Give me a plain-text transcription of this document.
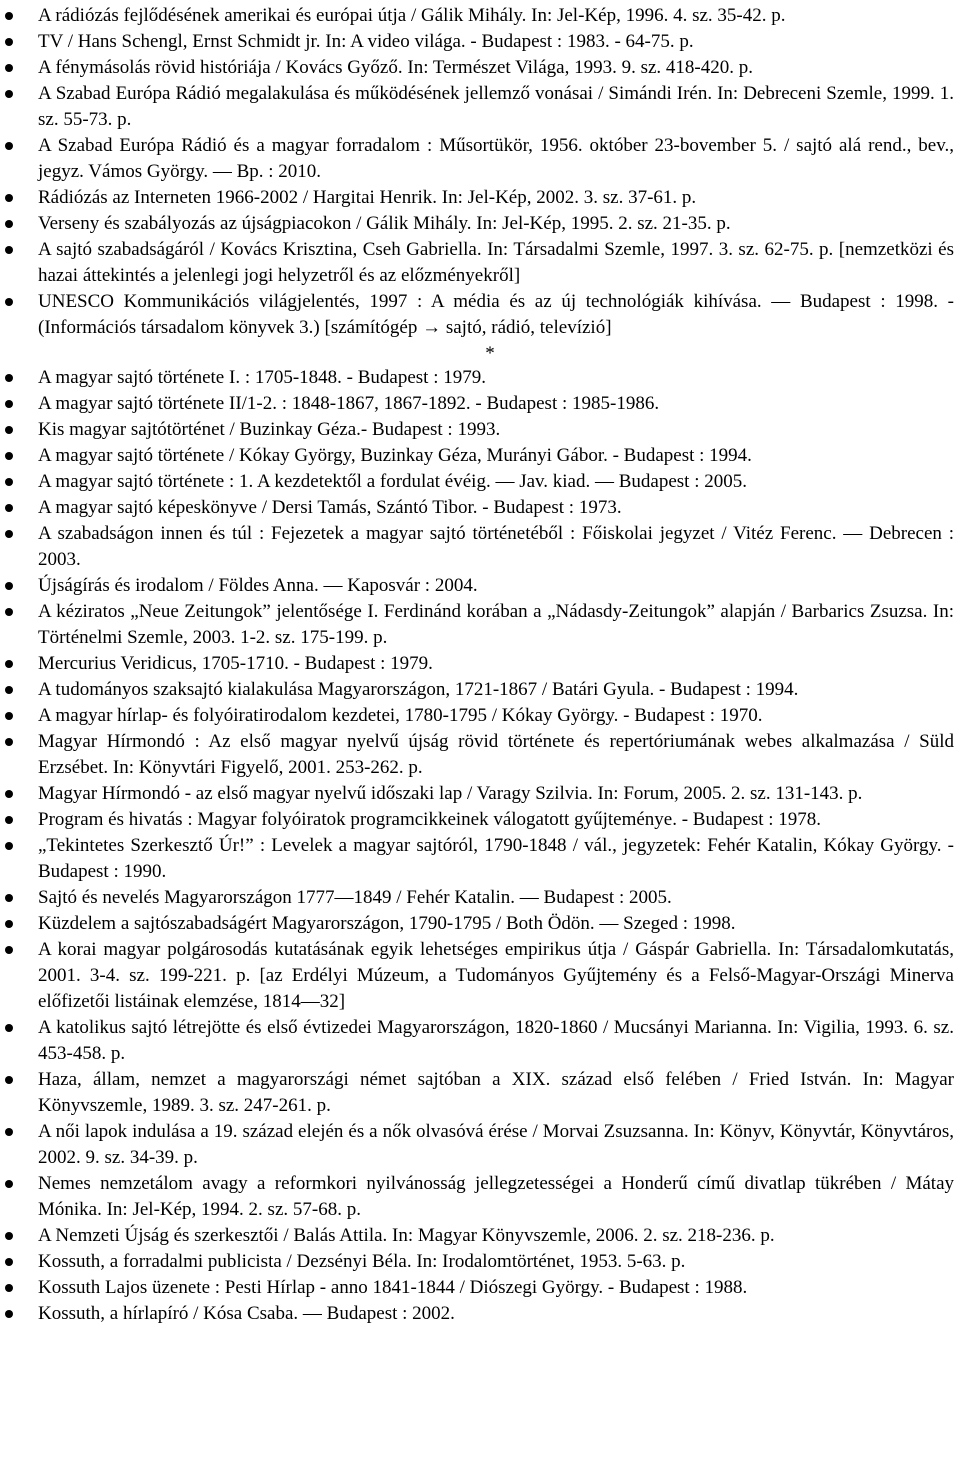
A rádiózás fejlődésének amerikai és európai útja / Gálik Mihály. In: Jel-Kép, 1996. 4. sz. 35-42. p.
TV / Hans Schengl, Ernst Schmidt jr. In: A video világa. - Budapest : 1983. - 64-75. p.
A fénymásolás rövid históriája / Kovács Győző. In: Természet Világa, 1993. 9. sz. 418-420. p.
A Szabad Európa Rádió megalakulása és működésének jellemző vonásai / Simándi Irén. In: Debreceni Szemle, 1999. 1. sz. 55-73. p.
A Szabad Európa Rádió és a magyar forradalom : Műsortükör, 1956. október 23-bovember 5. / sajtó alá rend., bev., jegyz. Vámos György. ― Bp. : 2010.
Rádiózás az Interneten 1966-2002 / Hargitai Henrik. In: Jel-Kép, 2002. 3. sz. 37-61. p.
Verseny és szabályozás az újságpiacokon / Gálik Mihály. In: Jel-Kép, 1995. 2. sz. 21-35. p.
A sajtó szabadságáról / Kovács Krisztina, Cseh Gabriella. In: Társadalmi Szemle, 1997. 3. sz. 62-75. p. [nemzetközi és hazai áttekintés a jelenlegi jogi helyzetről és az előzményekről]
UNESCO Kommunikációs világjelentés, 1997 : A média és az új technológiák kihívása. ― Budapest : 1998. - (Információs társadalom könyvek 3.) [számítógép → sajtó, rádió, televízió]
*
A magyar sajtó története I. : 1705-1848. - Budapest : 1979.
A magyar sajtó története II/1-2. : 1848-1867, 1867-1892. - Budapest : 1985-1986.
Kis magyar sajtótörténet / Buzinkay Géza.- Budapest : 1993.
A magyar sajtó története / Kókay György, Buzinkay Géza, Murányi Gábor. - Budapest : 1994.
A magyar sajtó története : 1. A kezdetektől a fordulat évéig. ― Jav. kiad. ― Budapest : 2005.
A magyar sajtó képeskönyve / Dersi Tamás, Szántó Tibor. - Budapest : 1973.
A szabadságon innen és túl : Fejezetek a magyar sajtó történetéből : Főiskolai jegyzet / Vitéz Ferenc. ― Debrecen : 2003.
Újságírás és irodalom / Földes Anna. ― Kaposvár : 2004.
A kéziratos „Neue Zeitungok” jelentősége I. Ferdinánd korában a „Nádasdy-Zeitungok” alapján / Barbarics Zsuzsa. In: Történelmi Szemle, 2003. 1-2. sz. 175-199. p.
Mercurius Veridicus, 1705-1710. - Budapest : 1979.
A tudományos szaksajtó kialakulása Magyarországon, 1721-1867 / Batári Gyula. - Budapest : 1994.
A magyar hírlap- és folyóiratirodalom kezdetei, 1780-1795 / Kókay György. - Budapest : 1970.
Magyar Hírmondó : Az első magyar nyelvű újság rövid története és repertóriumának webes alkalmazása / Süld Erzsébet. In: Könyvtári Figyelő, 2001. 253-262. p.
Magyar Hírmondó - az első magyar nyelvű időszaki lap / Varagy Szilvia. In: Forum, 2005. 2. sz. 131-143. p.
Program és hivatás : Magyar folyóiratok programcikkeinek válogatott gyűjteménye. - Budapest : 1978.
„Tekintetes Szerkesztő Úr!” : Levelek a magyar sajtóról, 1790-1848 / vál., jegyzetek: Fehér Katalin, Kókay György. - Budapest : 1990.
Sajtó és nevelés Magyarországon 1777―1849 / Fehér Katalin. ― Budapest : 2005.
Küzdelem a sajtószabadságért Magyarországon, 1790-1795 / Both Ödön. ― Szeged : 1998.
A korai magyar polgárosodás kutatásának egyik lehetséges empirikus útja / Gáspár Gabriella. In: Társadalomkutatás, 2001. 3-4. sz. 199-221. p. [az Erdélyi Múzeum, a Tudományos Gyűjtemény és a Felső-Magyar-Országi Minerva előfizetői listáinak elemzése, 1814―32]
A katolikus sajtó létrejötte és első évtizedei Magyarországon, 1820-1860 / Mucsányi Marianna. In: Vigilia, 1993. 6. sz. 453-458. p.
Haza, állam, nemzet a magyarországi német sajtóban a XIX. század első felében / Fried István. In: Magyar Könyvszemle, 1989. 3. sz. 247-261. p.
A női lapok indulása a 19. század elején és a nők olvasóvá érése / Morvai Zsuzsanna. In: Könyv, Könyvtár, Könyvtáros, 2002. 9. sz. 34-39. p.
Nemes nemzetálom avagy a reformkori nyilvánosság jellegzetességei a Honderű című divatlap tükrében / Mátay Mónika. In: Jel-Kép, 1994. 2. sz. 57-68. p.
A Nemzeti Újság és szerkesztői / Balás Attila. In: Magyar Könyvszemle, 2006. 2. sz. 218-236. p.
Kossuth, a forradalmi publicista / Dezsényi Béla. In: Irodalomtörténet, 1953. 5-63. p.
Kossuth Lajos üzenete : Pesti Hírlap - anno 1841-1844 / Diószegi György. - Budapest : 1988.
Kossuth, a hírlapíró / Kósa Csaba. ― Budapest : 2002.
